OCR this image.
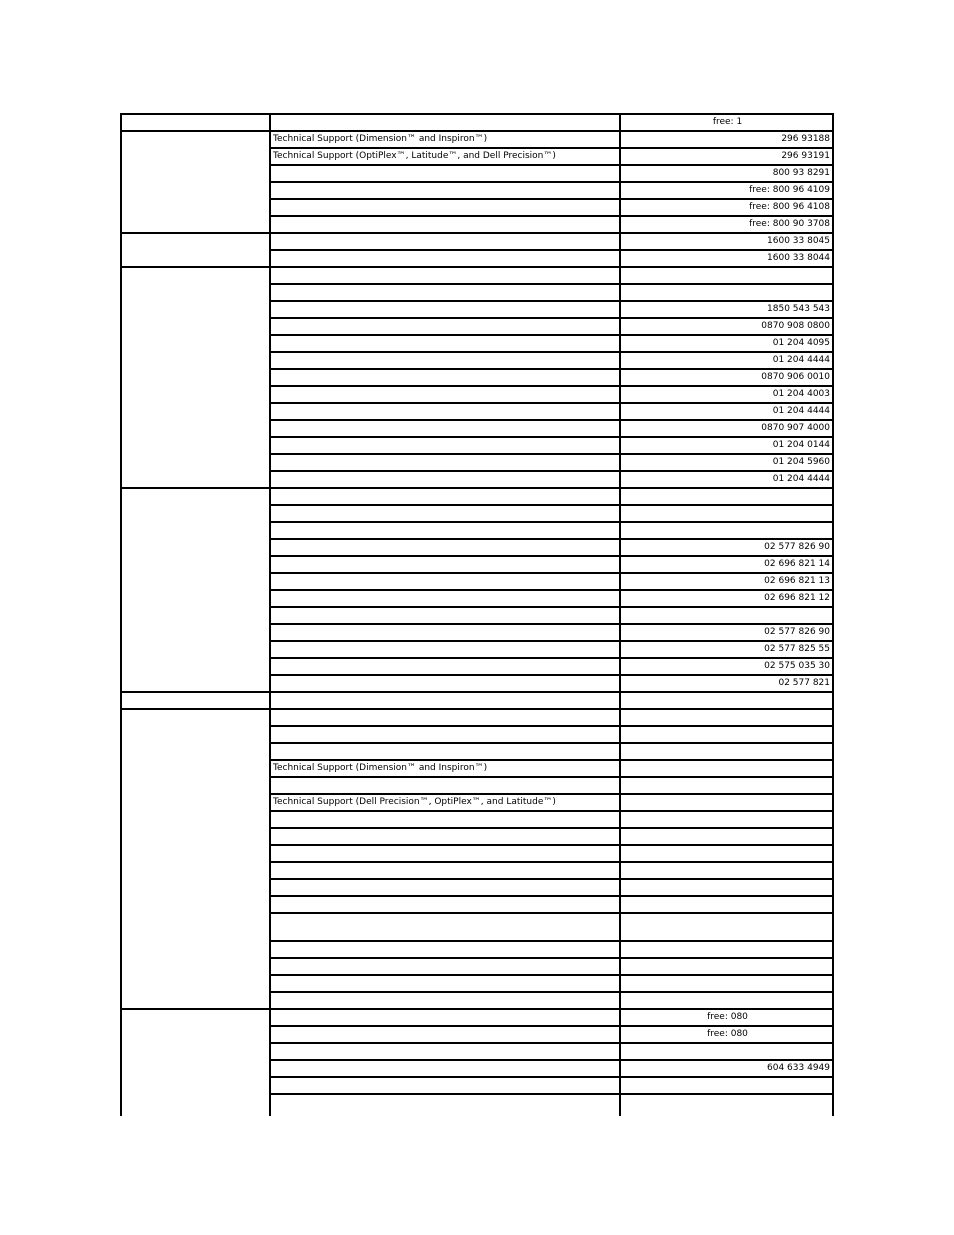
free: 1
Technical Support (Dimension™ and Inspiron™)	296 93188
Technical Support (OptiPlex™, Latitude™, and Dell Precision™)	296 93191
800 93 8291
free: 800 96 4109
free: 800 96 4108
free: 800 90 3708
1600 33 8045
1600 33 8044
1850 543 543
0870 908 0800
01 204 4095
01 204 4444
0870 906 0010
01 204 4003
01 204 4444
0870 907 4000
01 204 0144
01 204 5960
01 204 4444
02 577 826 90
02 696 821 14
02 696 821 13
02 696 821 12
02 577 826 90
02 577 825 55
02 575 035 30
02 577 821
Technical Support (Dimension™ and Inspiron™)
Technical Support (Dell Precision™, OptiPlex™, and Latitude™)
free: 080
free: 080
604 633 4949
